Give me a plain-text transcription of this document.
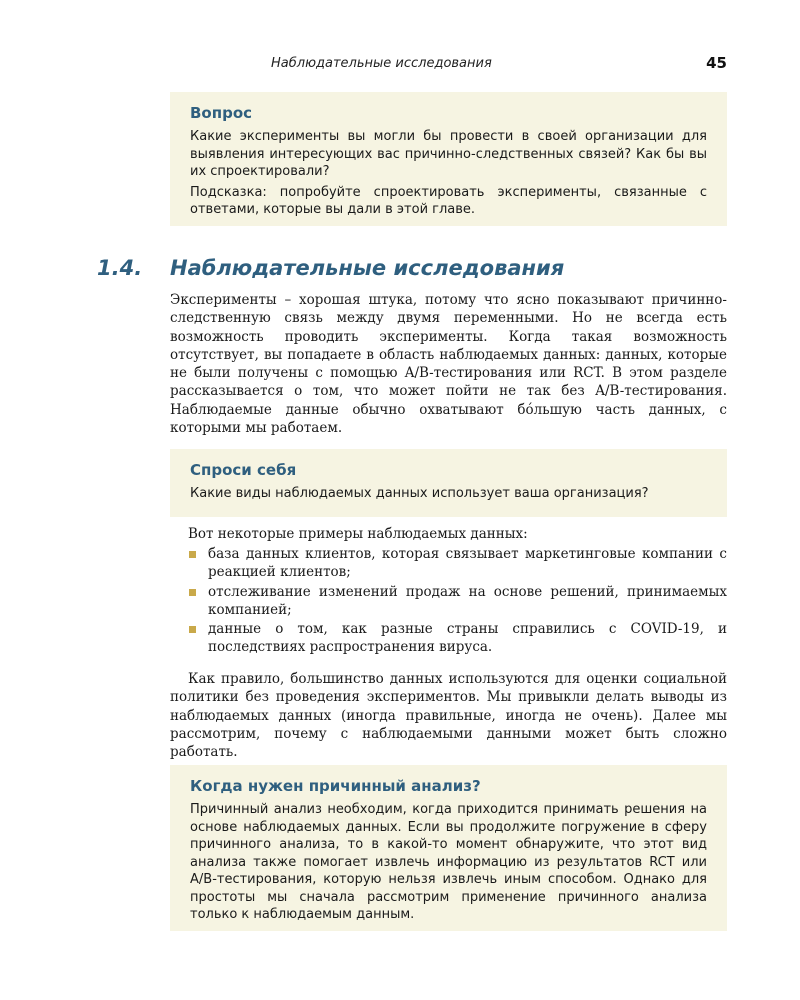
Наблюдательные исследования	45
Вопрос

Какие эксперименты вы могли бы провести в своей организации для выявления интересующих вас причинно-следственных связей? Как бы вы их спроектировали?

Подсказка: попробуйте спроектировать эксперименты, связанные с ответами, которые вы дали в этой главе.

1.4. Наблюдательные исследования
Эксперименты – хорошая штука, потому что ясно показывают причинно-следственную связь между двумя переменными. Но не всегда есть возможность проводить эксперименты. Когда такая возможность отсутствует, вы попадаете в область наблюдаемых данных: данных, которые не были получены с помощью A/B-тестирования или RCT. В этом разделе рассказывается о том, что может пойти не так без A/B-тестирования. Наблюдаемые данные обычно охватывают бóльшую часть данных, с которыми мы работаем.
Спроси себя

Какие виды наблюдаемых данных использует ваша организация?

Вот некоторые примеры наблюдаемых данных:
база данных клиентов, которая связывает маркетинговые компании с реакцией клиентов;
отслеживание изменений продаж на основе решений, принимаемых компанией;
данные о том, как разные страны справились с COVID-19, и последствиях распространения вируса.
Как правило, большинство данных используются для оценки социальной политики без проведения экспериментов. Мы привыкли делать выводы из наблюдаемых данных (иногда правильные, иногда не очень). Далее мы рассмотрим, почему с наблюдаемыми данными может быть сложно работать.
Когда нужен причинный анализ?

Причинный анализ необходим, когда приходится принимать решения на основе наблюдаемых данных. Если вы продолжите погружение в сферу причинного анализа, то в какой-то момент обнаружите, что этот вид анализа также помогает извлечь информацию из результатов RCT или A/B-тестирования, которую нельзя извлечь иным способом. Однако для простоты мы сначала рассмотрим применение причинного анализа только к наблюдаемым данным.
